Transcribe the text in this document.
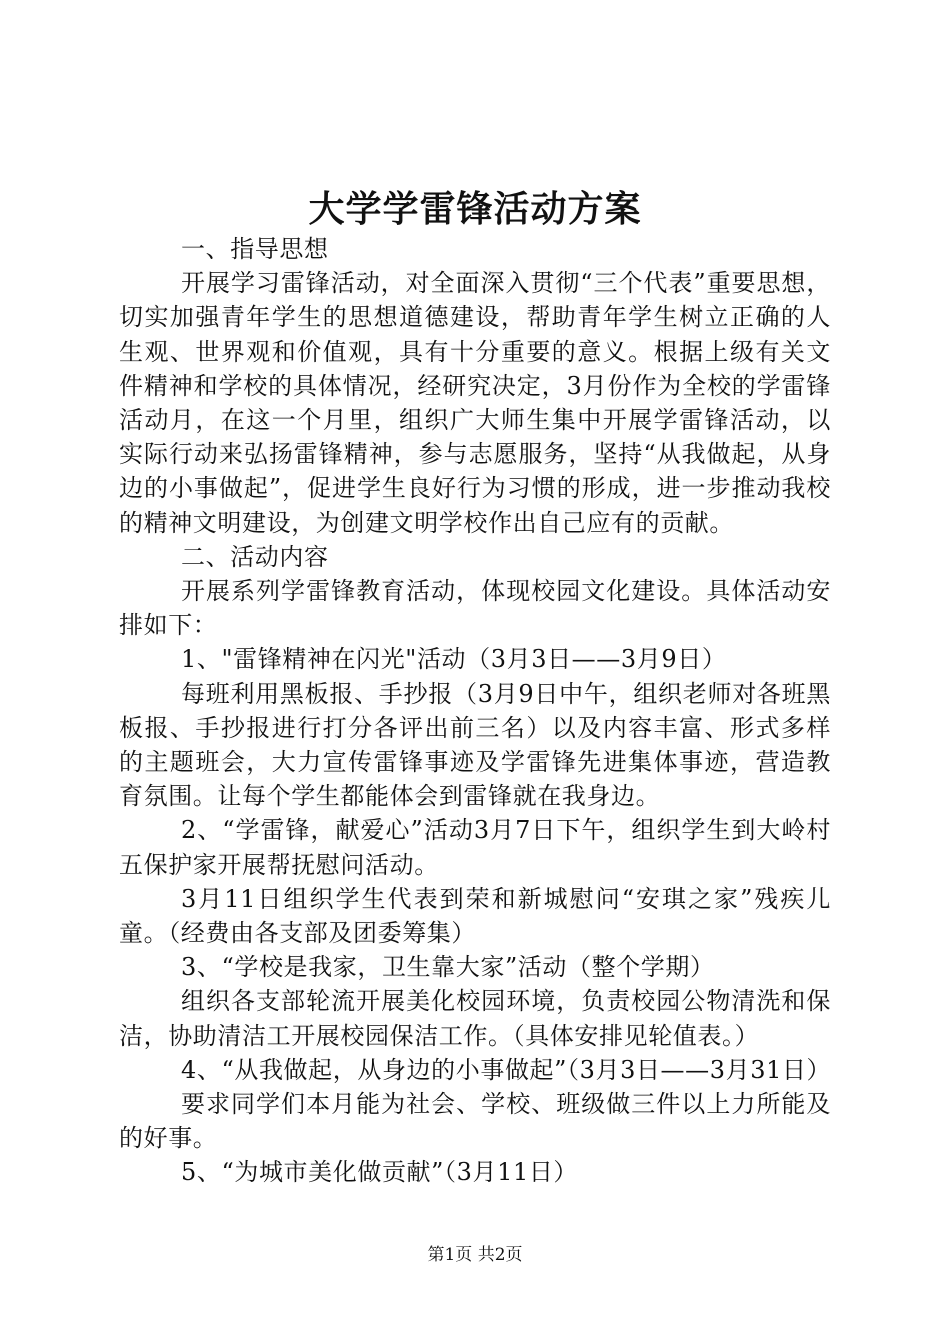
大学学雷锋活动方案

一、指导思想

开展学习雷锋活动，对全面深入贯彻“三个代表”重要思想，切实加强青年学生的思想道德建设，帮助青年学生树立正确的人生观、世界观和价值观，具有十分重要的意义。根据上级有关文件精神和学校的具体情况，经研究决定，3月份作为全校的学雷锋活动月，在这一个月里，组织广大师生集中开展学雷锋活动，以实际行动来弘扬雷锋精神，参与志愿服务，坚持“从我做起，从身边的小事做起”，促进学生良好行为习惯的形成，进一步推动我校的精神文明建设，为创建文明学校作出自己应有的贡献。

二、活动内容

开展系列学雷锋教育活动，体现校园文化建设。具体活动安排如下：

1、"雷锋精神在闪光"活动（3月3日——3月9日）

每班利用黑板报、手抄报（3月9日中午，组织老师对各班黑板报、手抄报进行打分各评出前三名）以及内容丰富、形式多样的主题班会，大力宣传雷锋事迹及学雷锋先进集体事迹，营造教育氛围。让每个学生都能体会到雷锋就在我身边。

2、“学雷锋，献爱心”活动3月7日下午，组织学生到大岭村五保护家开展帮抚慰问活动。

3月11日组织学生代表到荣和新城慰问“安琪之家”残疾儿童。（经费由各支部及团委筹集）

3、“学校是我家，卫生靠大家”活动（整个学期）

组织各支部轮流开展美化校园环境，负责校园公物清洗和保洁，协助清洁工开展校园保洁工作。（具体安排见轮值表。）

4、“从我做起，从身边的小事做起”（3月3日——3月31日）

要求同学们本月能为社会、学校、班级做三件以上力所能及的好事。

5、“为城市美化做贡献”（3月11日）

第1页 共2页
